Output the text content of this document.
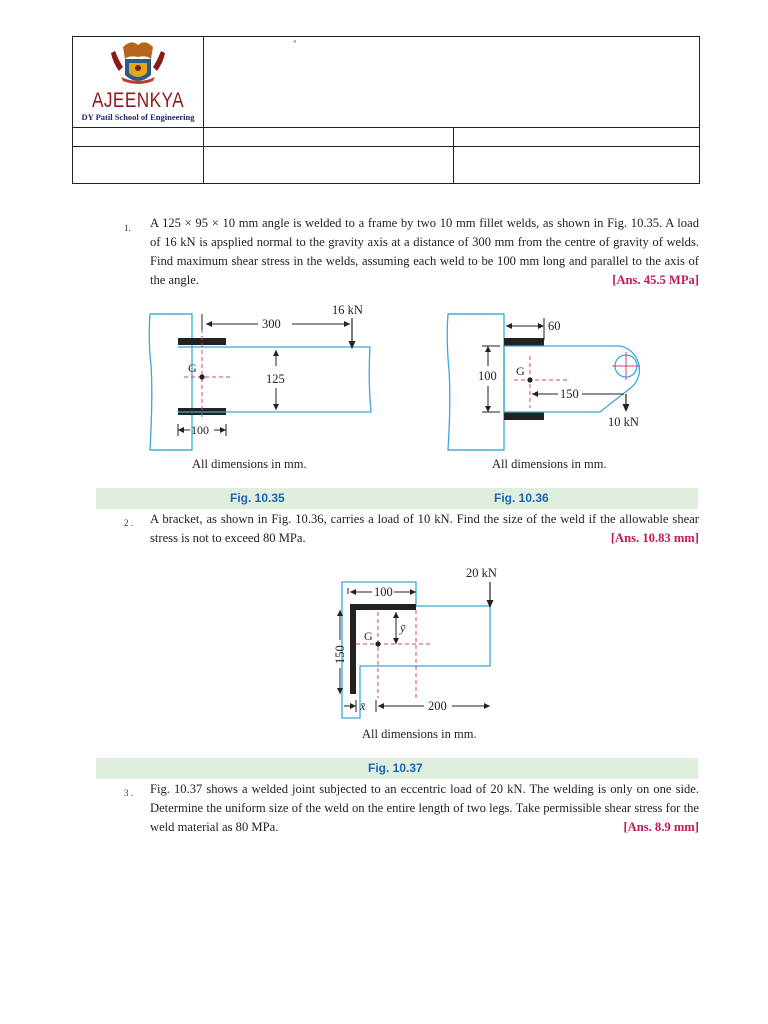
AJEENKYA
DY Patil School of Engineering
"
1. A 125 × 95 × 10 mm angle is welded to a frame by two 10 mm fillet welds, as shown in Fig. 10.35. A load of 16 kN is apsplied normal to the gravity axis at a distance of 300 mm from the centre of gravity of welds. Find maximum shear stress in the welds, assuming each weld to be 100 mm long and parallel to the axis of the angle.	[Ans. 45.5 MPa]
G
300
16 kN
125
100
All dimensions in mm.
G
60
100
150
10 kN
All dimensions in mm.
Fig. 10.35	Fig. 10.36
2 . A bracket, as shown in Fig. 10.36, carries a load of 10 kN. Find the size of the weld if the allowable shear stress is not to exceed 80 MPa.	[Ans. 10.83 mm]
G
100
ȳ
150
x̄	200
20 kN
All dimensions in mm.
Fig. 10.37
3 . Fig. 10.37 shows a welded joint subjected to an eccentric load of 20 kN. The welding is only on one side. Determine the uniform size of the weld on the entire length of two legs. Take permissible shear stress for the weld material as 80 MPa.	[Ans. 8.9 mm]
